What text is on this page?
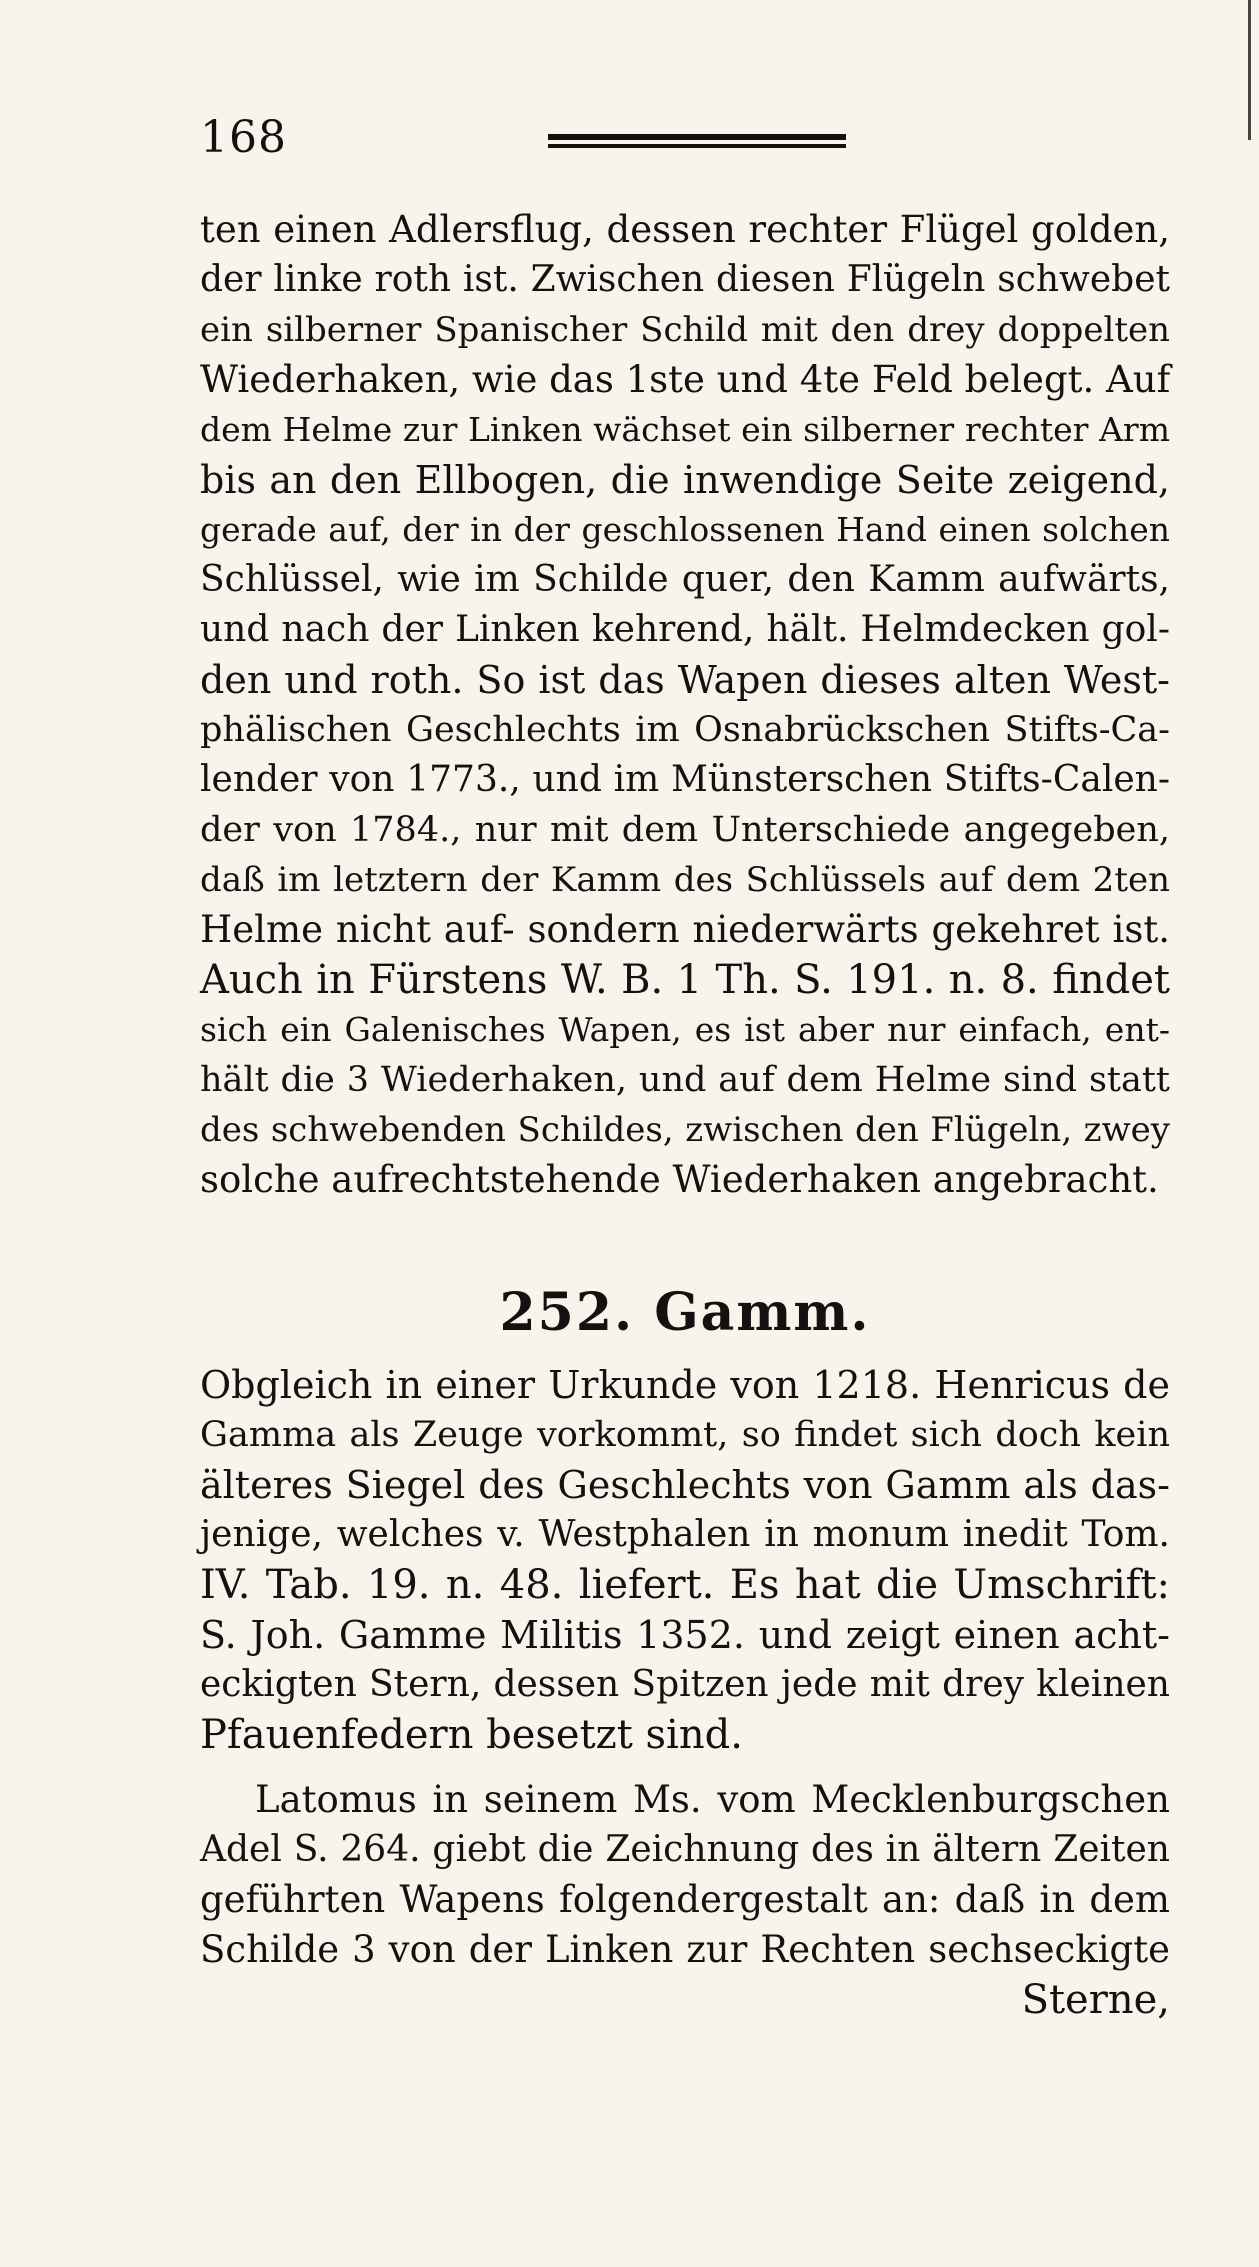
168
ten einen Adlersflug, dessen rechter Flügel golden,
der linke roth ist. Zwischen diesen Flügeln schwebet
ein silberner Spanischer Schild mit den drey doppelten
Wiederhaken, wie das 1ste und 4te Feld belegt. Auf
dem Helme zur Linken wächset ein silberner rechter Arm
bis an den Ellbogen, die inwendige Seite zeigend,
gerade auf, der in der geschlossenen Hand einen solchen
Schlüssel, wie im Schilde quer, den Kamm aufwärts,
und nach der Linken kehrend, hält. Helmdecken gol-
den und roth. So ist das Wapen dieses alten West-
phälischen Geschlechts im Osnabrückschen Stifts-Ca-
lender von 1773., und im Münsterschen Stifts-Calen-
der von 1784., nur mit dem Unterschiede angegeben,
daß im letztern der Kamm des Schlüssels auf dem 2ten
Helme nicht auf- sondern niederwärts gekehret ist.
Auch in Fürstens W. B. 1 Th. S. 191. n. 8. findet
sich ein Galenisches Wapen, es ist aber nur einfach, ent-
hält die 3 Wiederhaken, und auf dem Helme sind statt
des schwebenden Schildes, zwischen den Flügeln, zwey
solche aufrechtstehende Wiederhaken angebracht.
252. Gamm.
Obgleich in einer Urkunde von 1218. Henricus de
Gamma als Zeuge vorkommt, so findet sich doch kein
älteres Siegel des Geschlechts von Gamm als das-
jenige, welches v. Westphalen in monum inedit Tom.
IV. Tab. 19. n. 48. liefert. Es hat die Umschrift:
S. Joh. Gamme Militis 1352. und zeigt einen acht-
eckigten Stern, dessen Spitzen jede mit drey kleinen
Pfauenfedern besetzt sind.
Latomus in seinem Ms. vom Mecklenburgschen
Adel S. 264. giebt die Zeichnung des in ältern Zeiten
geführten Wapens folgendergestalt an: daß in dem
Schilde 3 von der Linken zur Rechten sechseckigte
Sterne,
